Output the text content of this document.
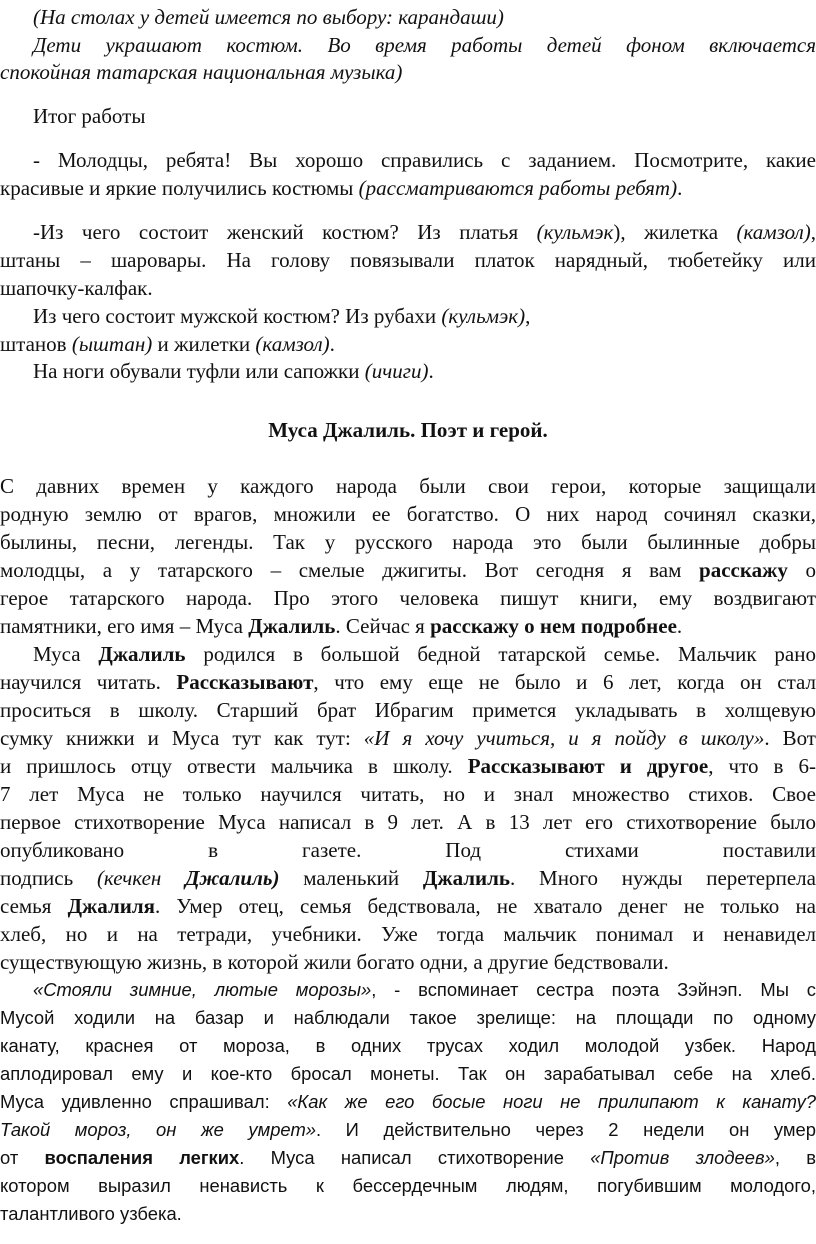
(На столах у детей имеется по выбору: карандаши)
Дети украшают костюм. Во время работы детей фоном включается
спокойная татарская национальная музыка)
Итог работы
- Молодцы, ребята! Вы хорошо справились с заданием. Посмотрите, какие
красивые и яркие получились костюмы (рассматриваются работы ребят).
-Из чего состоит женский костюм? Из платья (кульмэк), жилетка (камзол),
штаны – шаровары. На голову повязывали платок нарядный, тюбетейку или
шапочку-калфак.
Из чего состоит мужской костюм? Из рубахи (кульмэк),
штанов (ыштан) и жилетки (камзол).
На ноги обували туфли или сапожки (ичиги).
Муса Джалиль. Поэт и герой.
С давних времен у каждого народа были свои герои, которые защищали
родную землю от врагов, множили ее богатство. О них народ сочинял сказки,
былины, песни, легенды. Так у русского народа это были былинные добры
молодцы, а у татарского – смелые джигиты. Вот сегодня я вам расскажу о
герое татарского народа. Про этого человека пишут книги, ему воздвигают
памятники, его имя – Муса Джалиль. Сейчас я расскажу о нем подробнее.
Муса Джалиль родился в большой бедной татарской семье. Мальчик рано
научился читать. Рассказывают, что ему еще не было и 6 лет, когда он стал
проситься в школу. Старший брат Ибрагим примется укладывать в холщевую
сумку книжки и Муса тут как тут: «И я хочу учиться, и я пойду в школу». Вот
и пришлось отцу отвести мальчика в школу. Рассказывают и другое, что в 6-
7 лет Муса не только научился читать, но и знал множество стихов. Свое
первое стихотворение Муса написал в 9 лет. А в 13 лет его стихотворение было
опубликовано	в	газете.	Под	стихами	поставили
подпись (кечкен Джалиль) маленький Джалиль. Много нужды перетерпела
семья Джалиля. Умер отец, семья бедствовала, не хватало денег не только на
хлеб, но и на тетради, учебники. Уже тогда мальчик понимал и ненавидел
существующую жизнь, в которой жили богато одни, а другие бедствовали.
«Стояли зимние, лютые морозы», - вспоминает сестра поэта Зэйнэп. Мы с
Мусой ходили на базар и наблюдали такое зрелище: на площади по одному
канату, краснея от мороза, в одних трусах ходил молодой узбек. Народ
аплодировал ему и кое-кто бросал монеты. Так он зарабатывал себе на хлеб.
Муса удивленно спрашивал: «Как же его босые ноги не прилипают к канату?
Такой мороз, он же умрет». И действительно через 2 недели он умер
от воспаления легких. Муса написал стихотворение «Против злодеев», в
котором выразил ненависть к бессердечным людям, погубившим молодого,
талантливого узбека.
